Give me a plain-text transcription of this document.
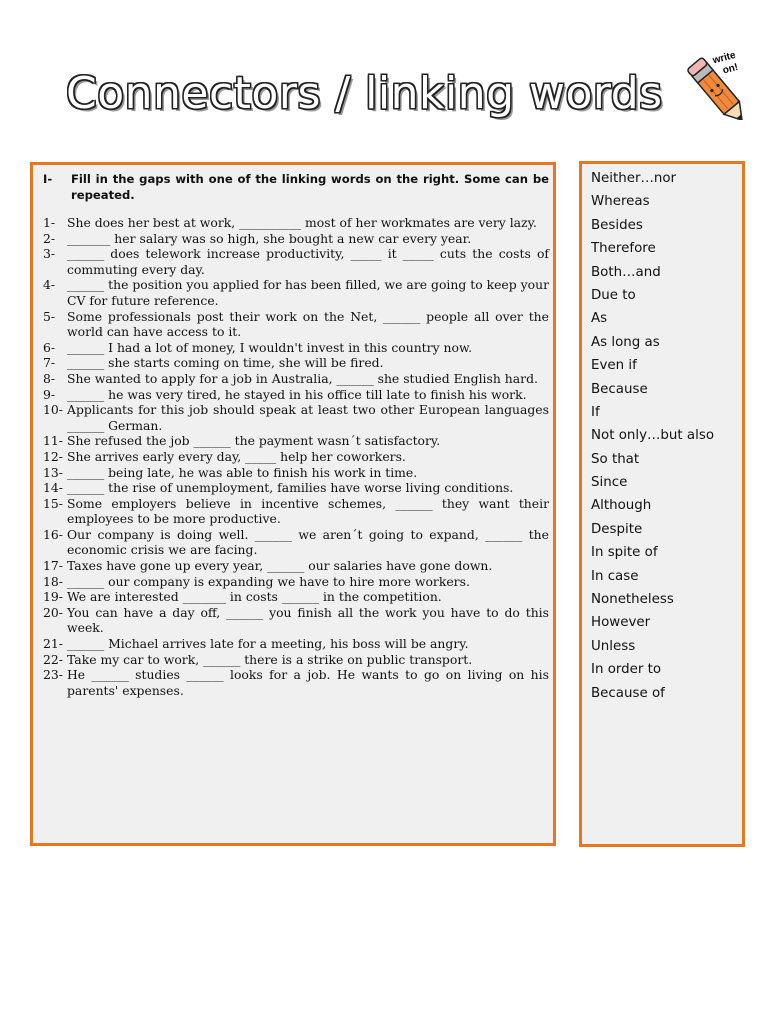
Connectors / linking words
write
on!
I-	Fill in the gaps with one of the linking words on the right. Some can be repeated.
1- She does her best at work, __________ most of her workmates are very lazy.
2- _______ her salary was so high, she bought a new car every year.
3- ______ does telework increase productivity, _____ it _____ cuts the costs of commuting every day.
4- ______ the position you applied for has been filled, we are going to keep your CV for future reference.
5- Some professionals post their work on the Net, ______ people all over the world can have access to it.
6- ______ I had a lot of money, I wouldn't invest in this country now.
7- ______ she starts coming on time, she will be fired.
8- She wanted to apply for a job in Australia, ______ she studied English hard.
9- ______ he was very tired, he stayed in his office till late to finish his work.
10- Applicants for this job should speak at least two other European languages ______ German.
11- She refused the job ______ the payment wasn´t satisfactory.
12- She arrives early every day, _____ help her coworkers.
13- ______ being late, he was able to finish his work in time.
14- ______ the rise of unemployment, families have worse living conditions.
15- Some employers believe in incentive schemes, ______ they want their employees to be more productive.
16- Our company is doing well. ______ we aren´t going to expand, ______ the economic crisis we are facing.
17- Taxes have gone up every year, ______ our salaries have gone down.
18- ______ our company is expanding we have to hire more workers.
19- We are interested _______ in costs ______ in the competition.
20- You can have a day off, ______ you finish all the work you have to do this week.
21- ______ Michael arrives late for a meeting, his boss will be angry.
22- Take my car to work, ______ there is a strike on public transport.
23- He ______ studies ______ looks for a job. He wants to go on living on his parents' expenses.
Neither…nor
Whereas
Besides
Therefore
Both…and
Due to
As
As long as
Even if
Because
If
Not only…but also
So that
Since
Although
Despite
In spite of
In case
Nonetheless
However
Unless
In order to
Because of
